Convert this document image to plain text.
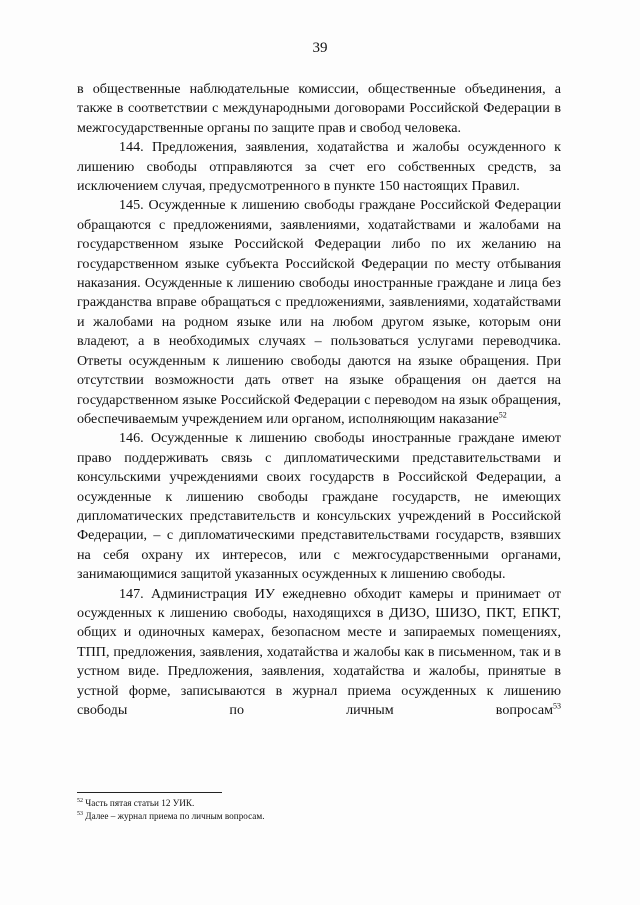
39

в общественные наблюдательные комиссии, общественные объединения, а также в соответствии с международными договорами Российской Федерации в межгосударственные органы по защите прав и свобод человека.

144. Предложения, заявления, ходатайства и жалобы осужденного к лишению свободы отправляются за счет его собственных средств, за исключением случая, предусмотренного в пункте 150 настоящих Правил.

145. Осужденные к лишению свободы граждане Российской Федерации обращаются с предложениями, заявлениями, ходатайствами и жалобами на государственном языке Российской Федерации либо по их желанию на государственном языке субъекта Российской Федерации по месту отбывания наказания. Осужденные к лишению свободы иностранные граждане и лица без гражданства вправе обращаться с предложениями, заявлениями, ходатайствами и жалобами на родном языке или на любом другом языке, которым они владеют, а в необходимых случаях – пользоваться услугами переводчика. Ответы осужденным к лишению свободы даются на языке обращения. При отсутствии возможности дать ответ на языке обращения он дается на государственном языке Российской Федерации с переводом на язык обращения, обеспечиваемым учреждением или органом, исполняющим наказание$^{52}$

146. Осужденные к лишению свободы иностранные граждане имеют право поддерживать связь с дипломатическими представительствами и консульскими учреждениями своих государств в Российской Федерации, а осужденные к лишению свободы граждане государств, не имеющих дипломатических представительств и консульских учреждений в Российской Федерации, – с дипломатическими представительствами государств, взявших на себя охрану их интересов, или с межгосударственными органами, занимающимися защитой указанных осужденных к лишению свободы.

147. Администрация ИУ ежедневно обходит камеры и принимает от осужденных к лишению свободы, находящихся в ДИЗО, ШИЗО, ПКТ, ЕПКТ, общих и одиночных камерах, безопасном месте и запираемых помещениях, ТПП, предложения, заявления, ходатайства и жалобы как в письменном, так и в устном виде. Предложения, заявления, ходатайства и жалобы, принятые в устной форме, записываются в журнал приема осужденных к лишению свободы по личным вопросам$^{53}$

$^{52}$ Часть пятая статьи 12 УИК.
$^{53}$ Далее – журнал приема по личным вопросам.
